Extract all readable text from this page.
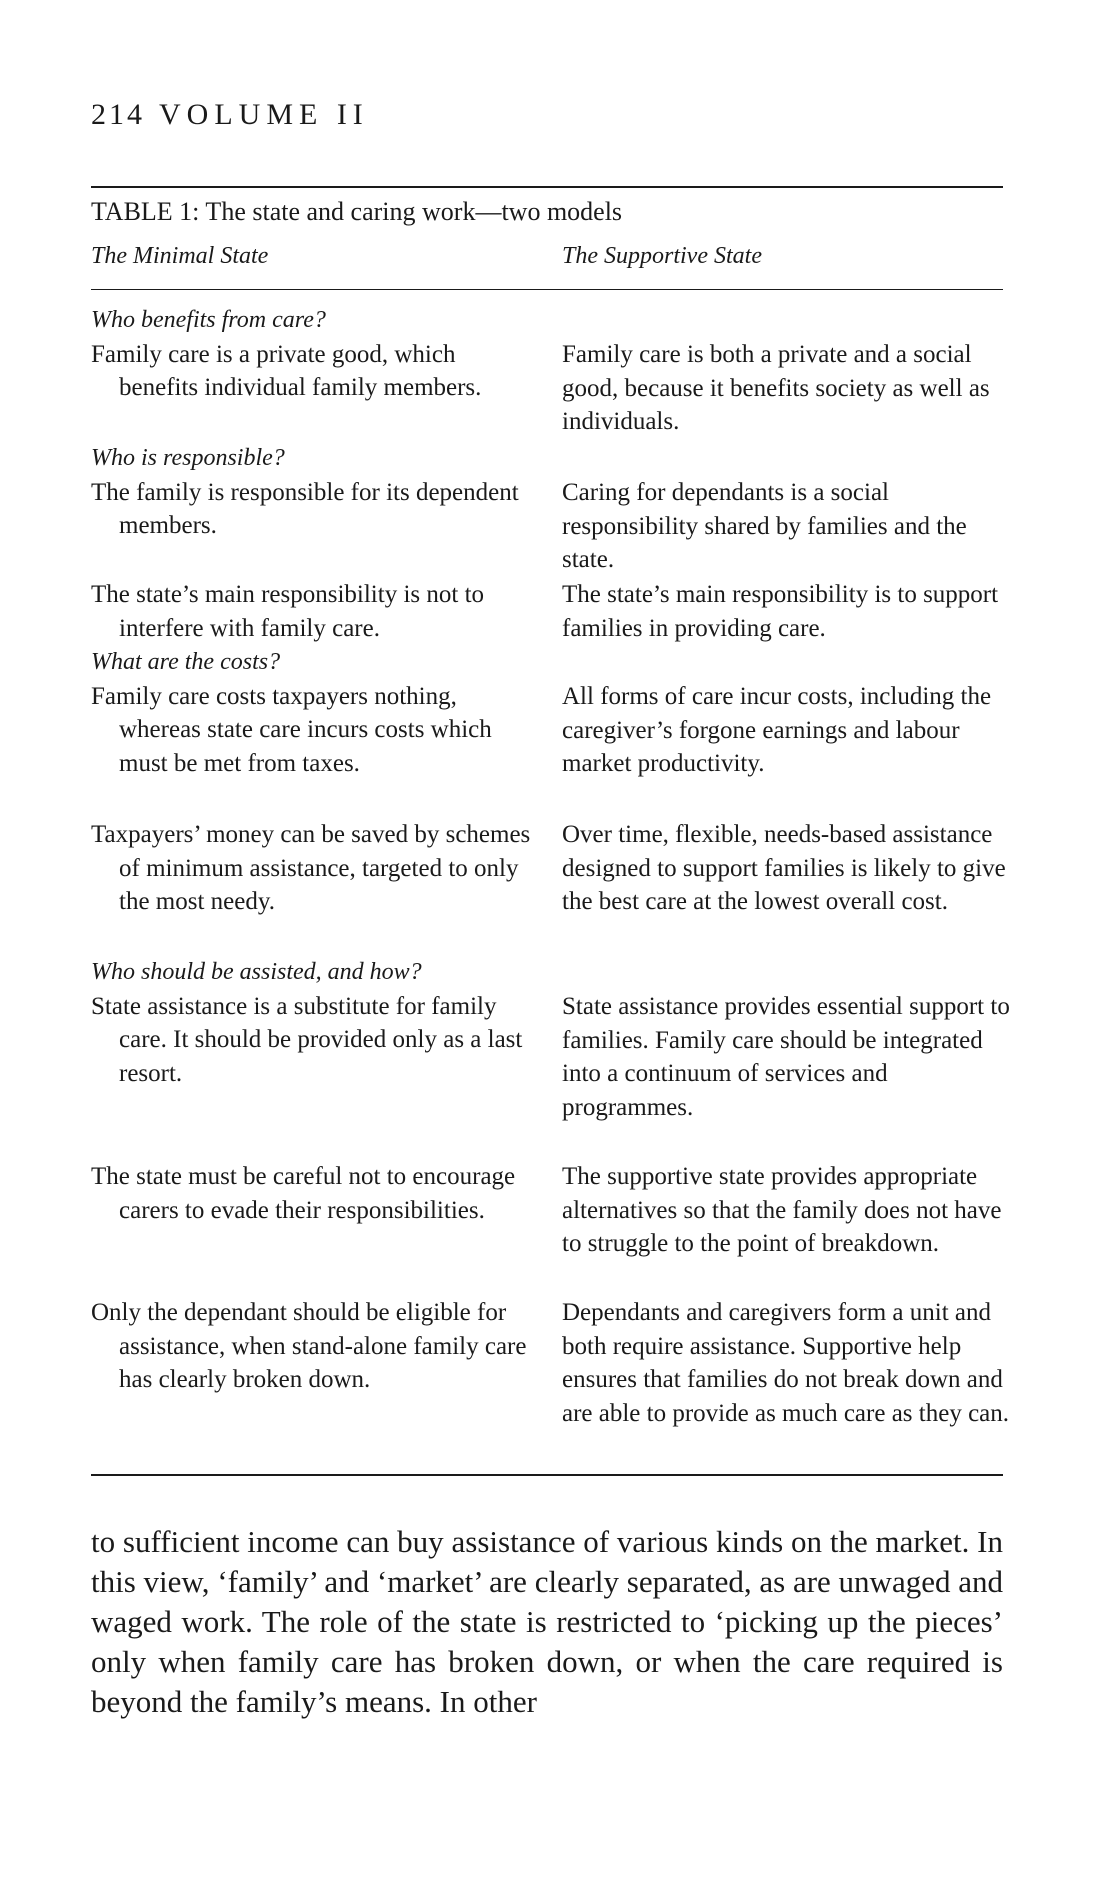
214 VOLUME II
TABLE 1: The state and caring work—two models
The Minimal State	The Supportive State
Who benefits from care?
Family care is a private good, which benefits individual family members.
Family care is both a private and a social good, because it benefits society as well as individuals.
Who is responsible?
The family is responsible for its dependent members.
Caring for dependants is a social responsibility shared by families and the state.
The state’s main responsibility is not to interfere with family care.
The state’s main responsibility is to support families in providing care.
What are the costs?
Family care costs taxpayers nothing, whereas state care incurs costs which must be met from taxes.
All forms of care incur costs, including the caregiver’s forgone earnings and labour market productivity.
Taxpayers’ money can be saved by schemes of minimum assistance, targeted to only the most needy.
Over time, flexible, needs-based assistance designed to support families is likely to give the best care at the lowest overall cost.
Who should be assisted, and how?
State assistance is a substitute for family care. It should be provided only as a last resort.
State assistance provides essential support to families. Family care should be integrated into a continuum of services and programmes.
The state must be careful not to encourage carers to evade their responsibilities.
The supportive state provides appropriate alternatives so that the family does not have to struggle to the point of breakdown.
Only the dependant should be eligible for assistance, when stand-alone family care has clearly broken down.
Dependants and caregivers form a unit and both require assistance. Supportive help ensures that families do not break down and are able to provide as much care as they can.

to sufficient income can buy assistance of various kinds on the market. In this view, ‘family’ and ‘market’ are clearly separated, as are unwaged and waged work. The role of the state is restricted to ‘picking up the pieces’ only when family care has broken down, or when the care required is beyond the family’s means. In other
